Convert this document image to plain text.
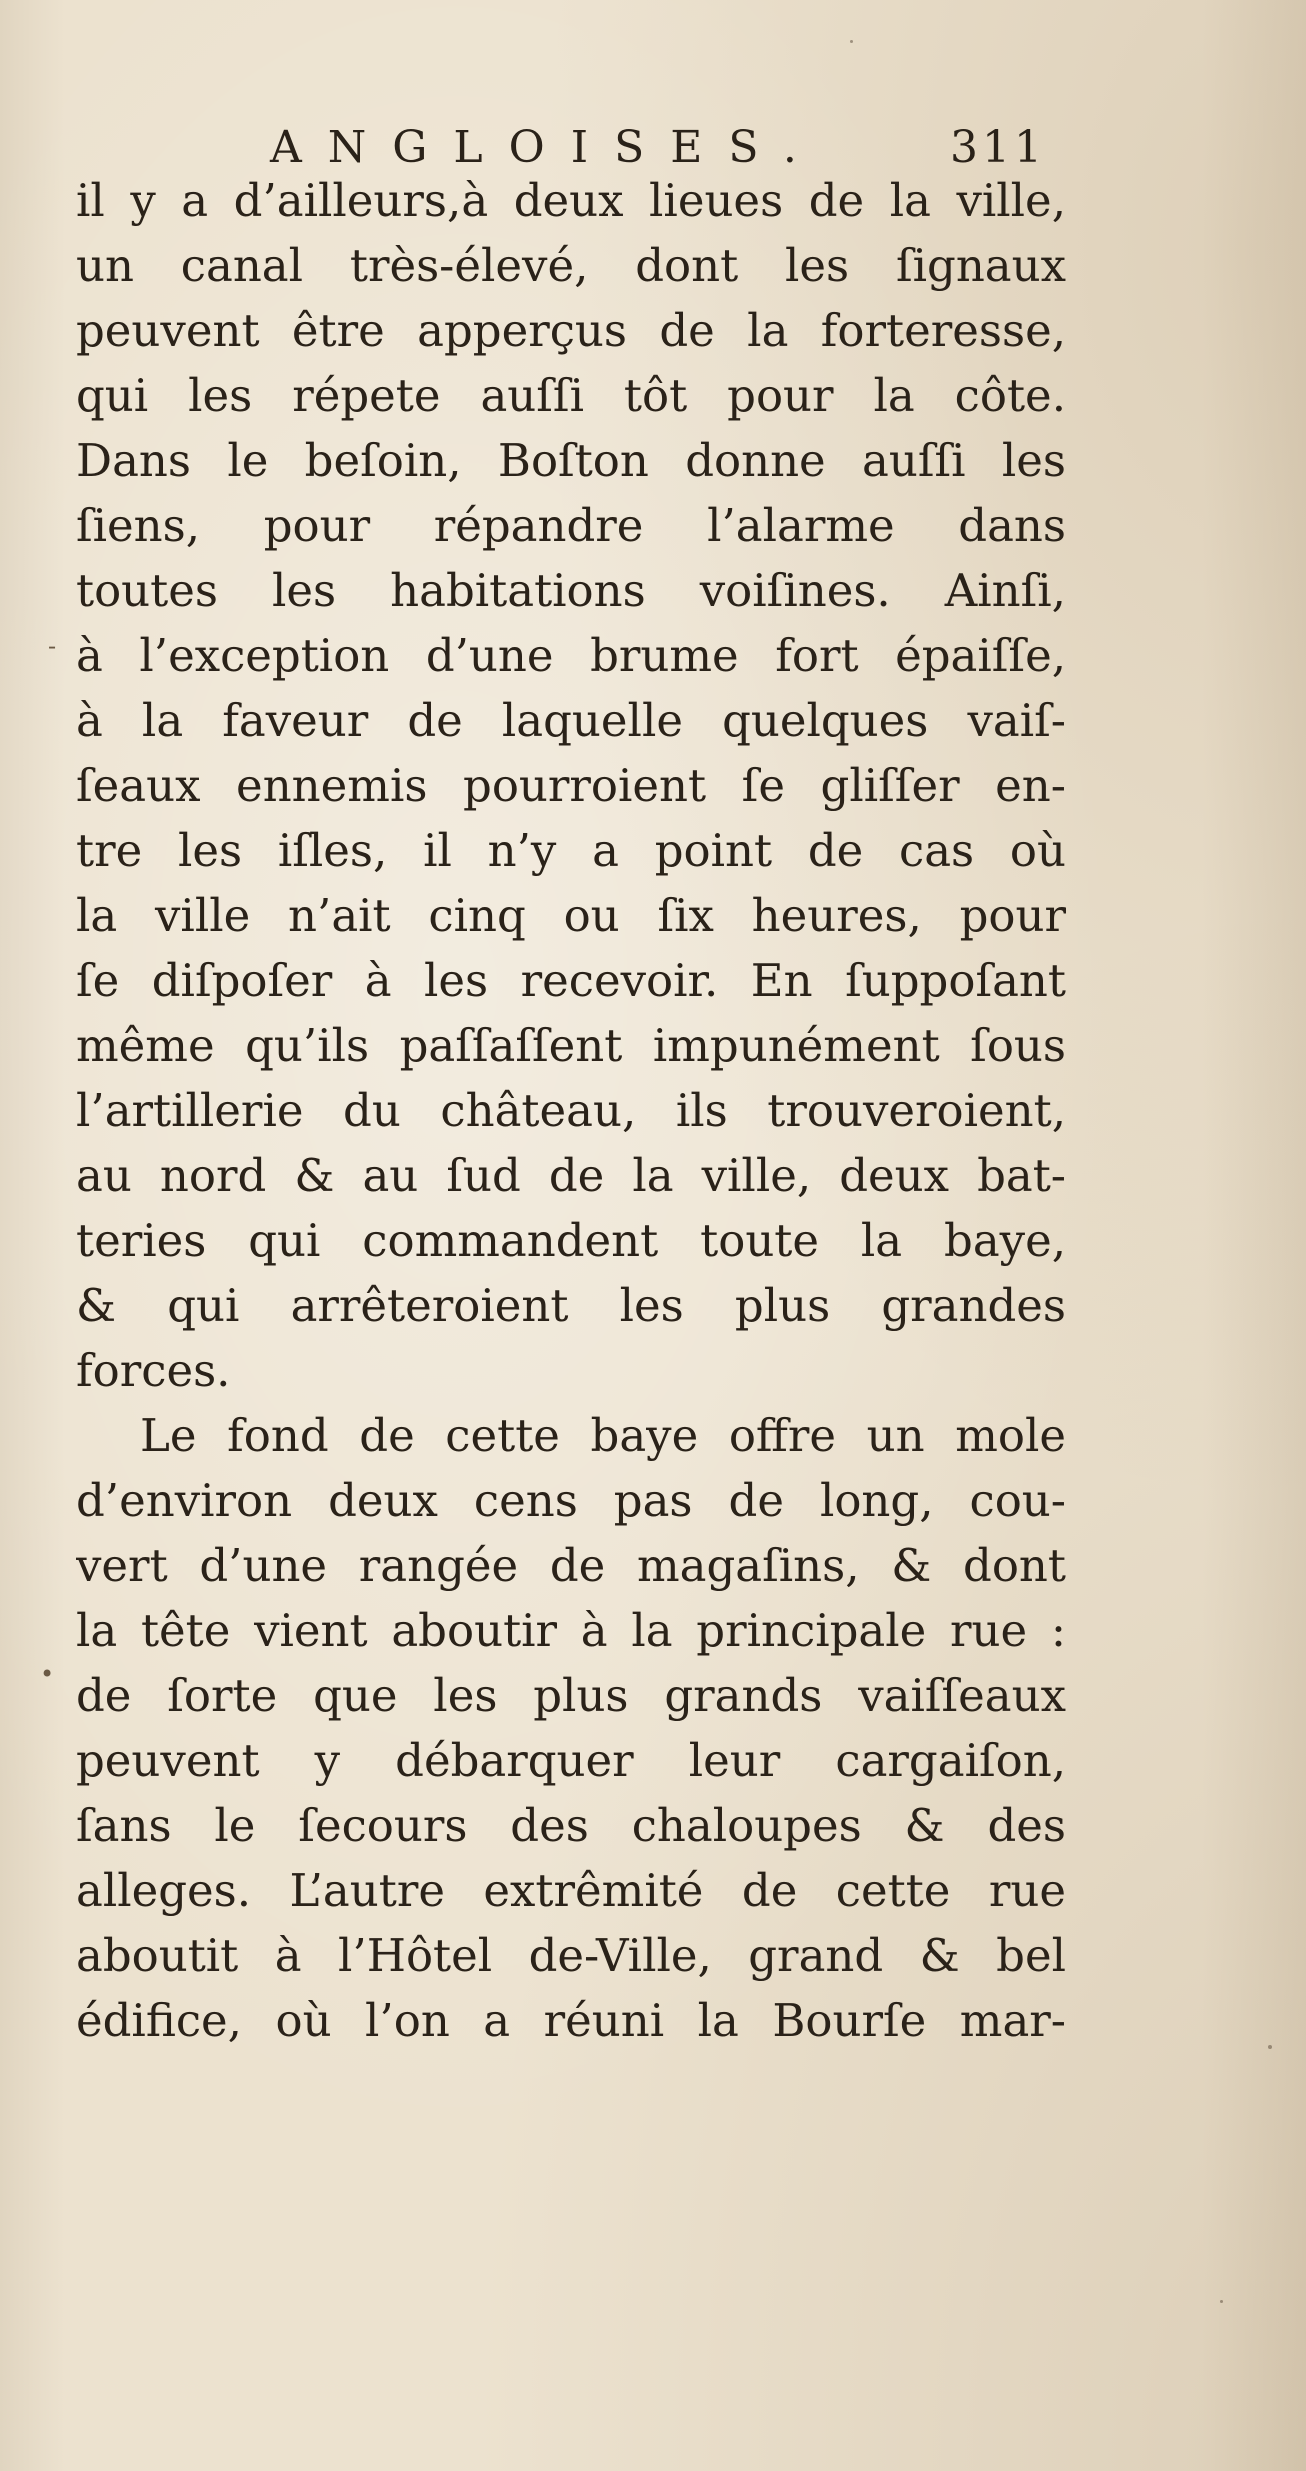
-
•
ANGLOISES.	311
il y a d’ailleurs,à deux lieues de la ville,
un canal très-élevé, dont les ſignaux
peuvent être apperçus de la forteresse,
qui les répete auſſi tôt pour la côte.
Dans le beſoin, Boſton donne auſſi les
ſiens, pour répandre l’alarme dans
toutes les habitations voiſines. Ainſi,
à l’exception d’une brume fort épaiſſe,
à la faveur de laquelle quelques vaiſ-
ſeaux ennemis pourroient ſe gliſſer en-
tre les iſles, il n’y a point de cas où
la ville n’ait cinq ou ſix heures, pour
ſe diſpoſer à les recevoir. En ſuppoſant
même qu’ils paſſaſſent impunément ſous
l’artillerie du château, ils trouveroient,
au nord & au ſud de la ville, deux bat-
teries qui commandent toute la baye,
& qui arrêteroient les plus grandes
forces.
Le fond de cette baye offre un mole
d’environ deux cens pas de long, cou-
vert d’une rangée de magaſins, & dont
la tête vient aboutir à la principale rue :
de ſorte que les plus grands vaiſſeaux
peuvent y débarquer leur cargaiſon,
ſans le ſecours des chaloupes & des
alleges. L’autre extrêmité de cette rue
aboutit à l’Hôtel de-Ville, grand & bel
édifice, où l’on a réuni la Bourſe mar-
